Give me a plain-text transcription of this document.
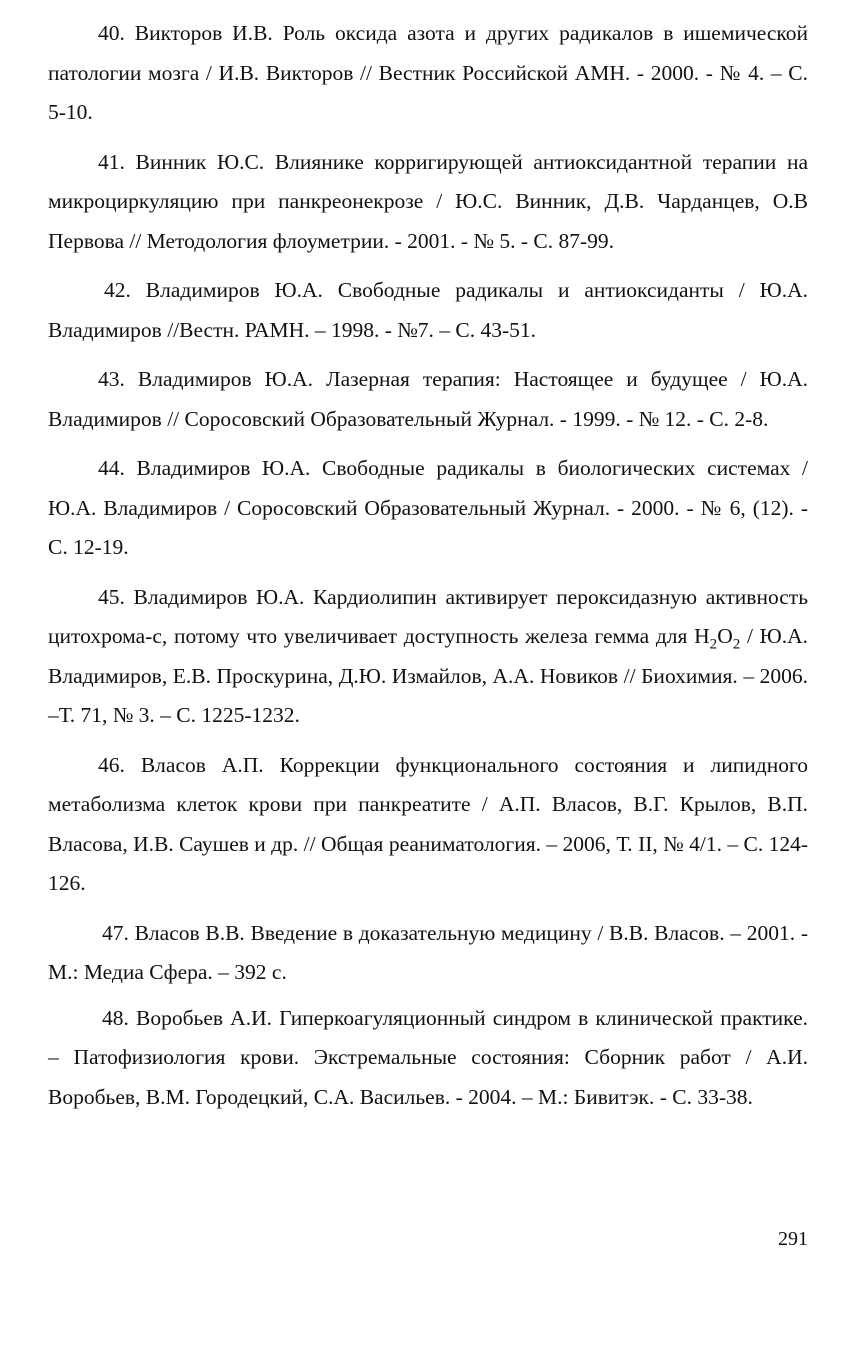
40. Викторов И.В. Роль оксида азота и других радикалов в ишемической патологии мозга / И.В. Викторов // Вестник Российской АМН. - 2000. - № 4. – С. 5-10.

41. Винник Ю.С. Влиянике корригирующей антиоксидантной терапии на микроциркуляцию при панкреонекрозе / Ю.С. Винник, Д.В. Чарданцев, О.В Первова // Методология флоуметрии. - 2001. - № 5. - С. 87-99.

42. Владимиров Ю.А. Свободные радикалы и антиоксиданты / Ю.А. Владимиров //Вестн. РАМН. – 1998. - №7. – С. 43-51.

43. Владимиров Ю.А. Лазерная терапия: Настоящее и будущее / Ю.А. Владимиров // Соросовский Образовательный Журнал. - 1999. - № 12. - С. 2-8.

44. Владимиров Ю.А. Свободные радикалы в биологических системах / Ю.А. Владимиров / Соросовский Образовательный Журнал. - 2000. - № 6, (12). - С. 12-19.

45. Владимиров Ю.А. Кардиолипин активирует пероксидазную активность цитохрома-с, потому что увеличивает доступность железа гемма для $H_2O_2 / Ю.А$. Владимиров, Е.В. Проскурина, Д.Ю. Измайлов, А.А. Новиков // Биохимия. – 2006. –Т. 71, № 3. – С. 1225-1232.

46. Власов А.П. Коррекции функционального состояния и липидного метаболизма клеток крови при панкреатите / А.П. Власов, В.Г. Крылов, В.П. Власова, И.В. Саушев и др. // Общая реаниматология. – 2006, Т. II, № 4/1. – С. 124-126.

47. Власов В.В. Введение в доказательную медицину / В.В. Власов. – 2001. - М.: Медиа Сфера. – 392 с.

48. Воробьев А.И. Гиперкоагуляционный синдром в клинической практике. – Патофизиология крови. Экстремальные состояния: Сборник работ / А.И. Воробьев, В.М. Городецкий, С.А. Васильев. - 2004. – М.: Бивитэк. - С. 33-38.

291
